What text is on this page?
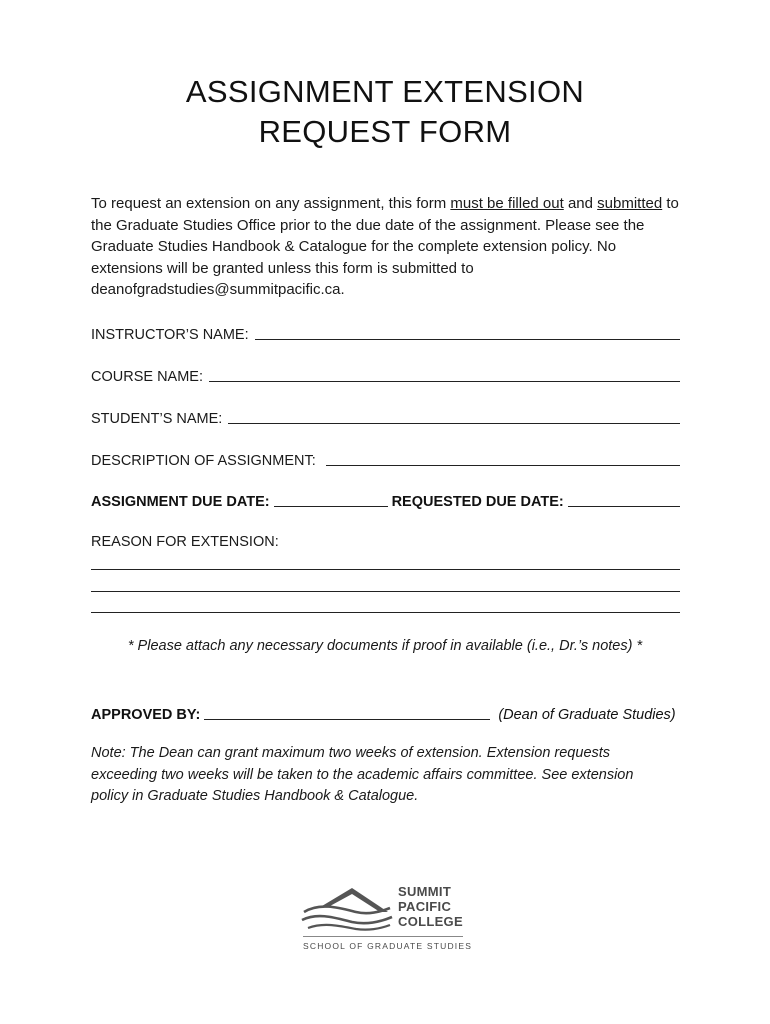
ASSIGNMENT EXTENSION
REQUEST FORM
To request an extension on any assignment, this form must be filled out and submitted to the Graduate Studies Office prior to the due date of the assignment. Please see the Graduate Studies Handbook & Catalogue for the complete extension policy. No extensions will be granted unless this form is submitted to deanofgradstudies@summitpacific.ca.
INSTRUCTOR’S NAME:
COURSE NAME:
STUDENT’S NAME:
DESCRIPTION OF ASSIGNMENT:
ASSIGNMENT DUE DATE:	REQUESTED DUE DATE:
REASON FOR EXTENSION:
* Please attach any necessary documents if proof in available (i.e., Dr.’s notes) *
APPROVED BY:	(Dean of Graduate Studies)
Note: The Dean can grant maximum two weeks of extension. Extension requests exceeding two weeks will be taken to the academic affairs committee. See extension policy in Graduate Studies Handbook & Catalogue.
SUMMIT
PACIFIC
COLLEGE
SCHOOL OF GRADUATE STUDIES
